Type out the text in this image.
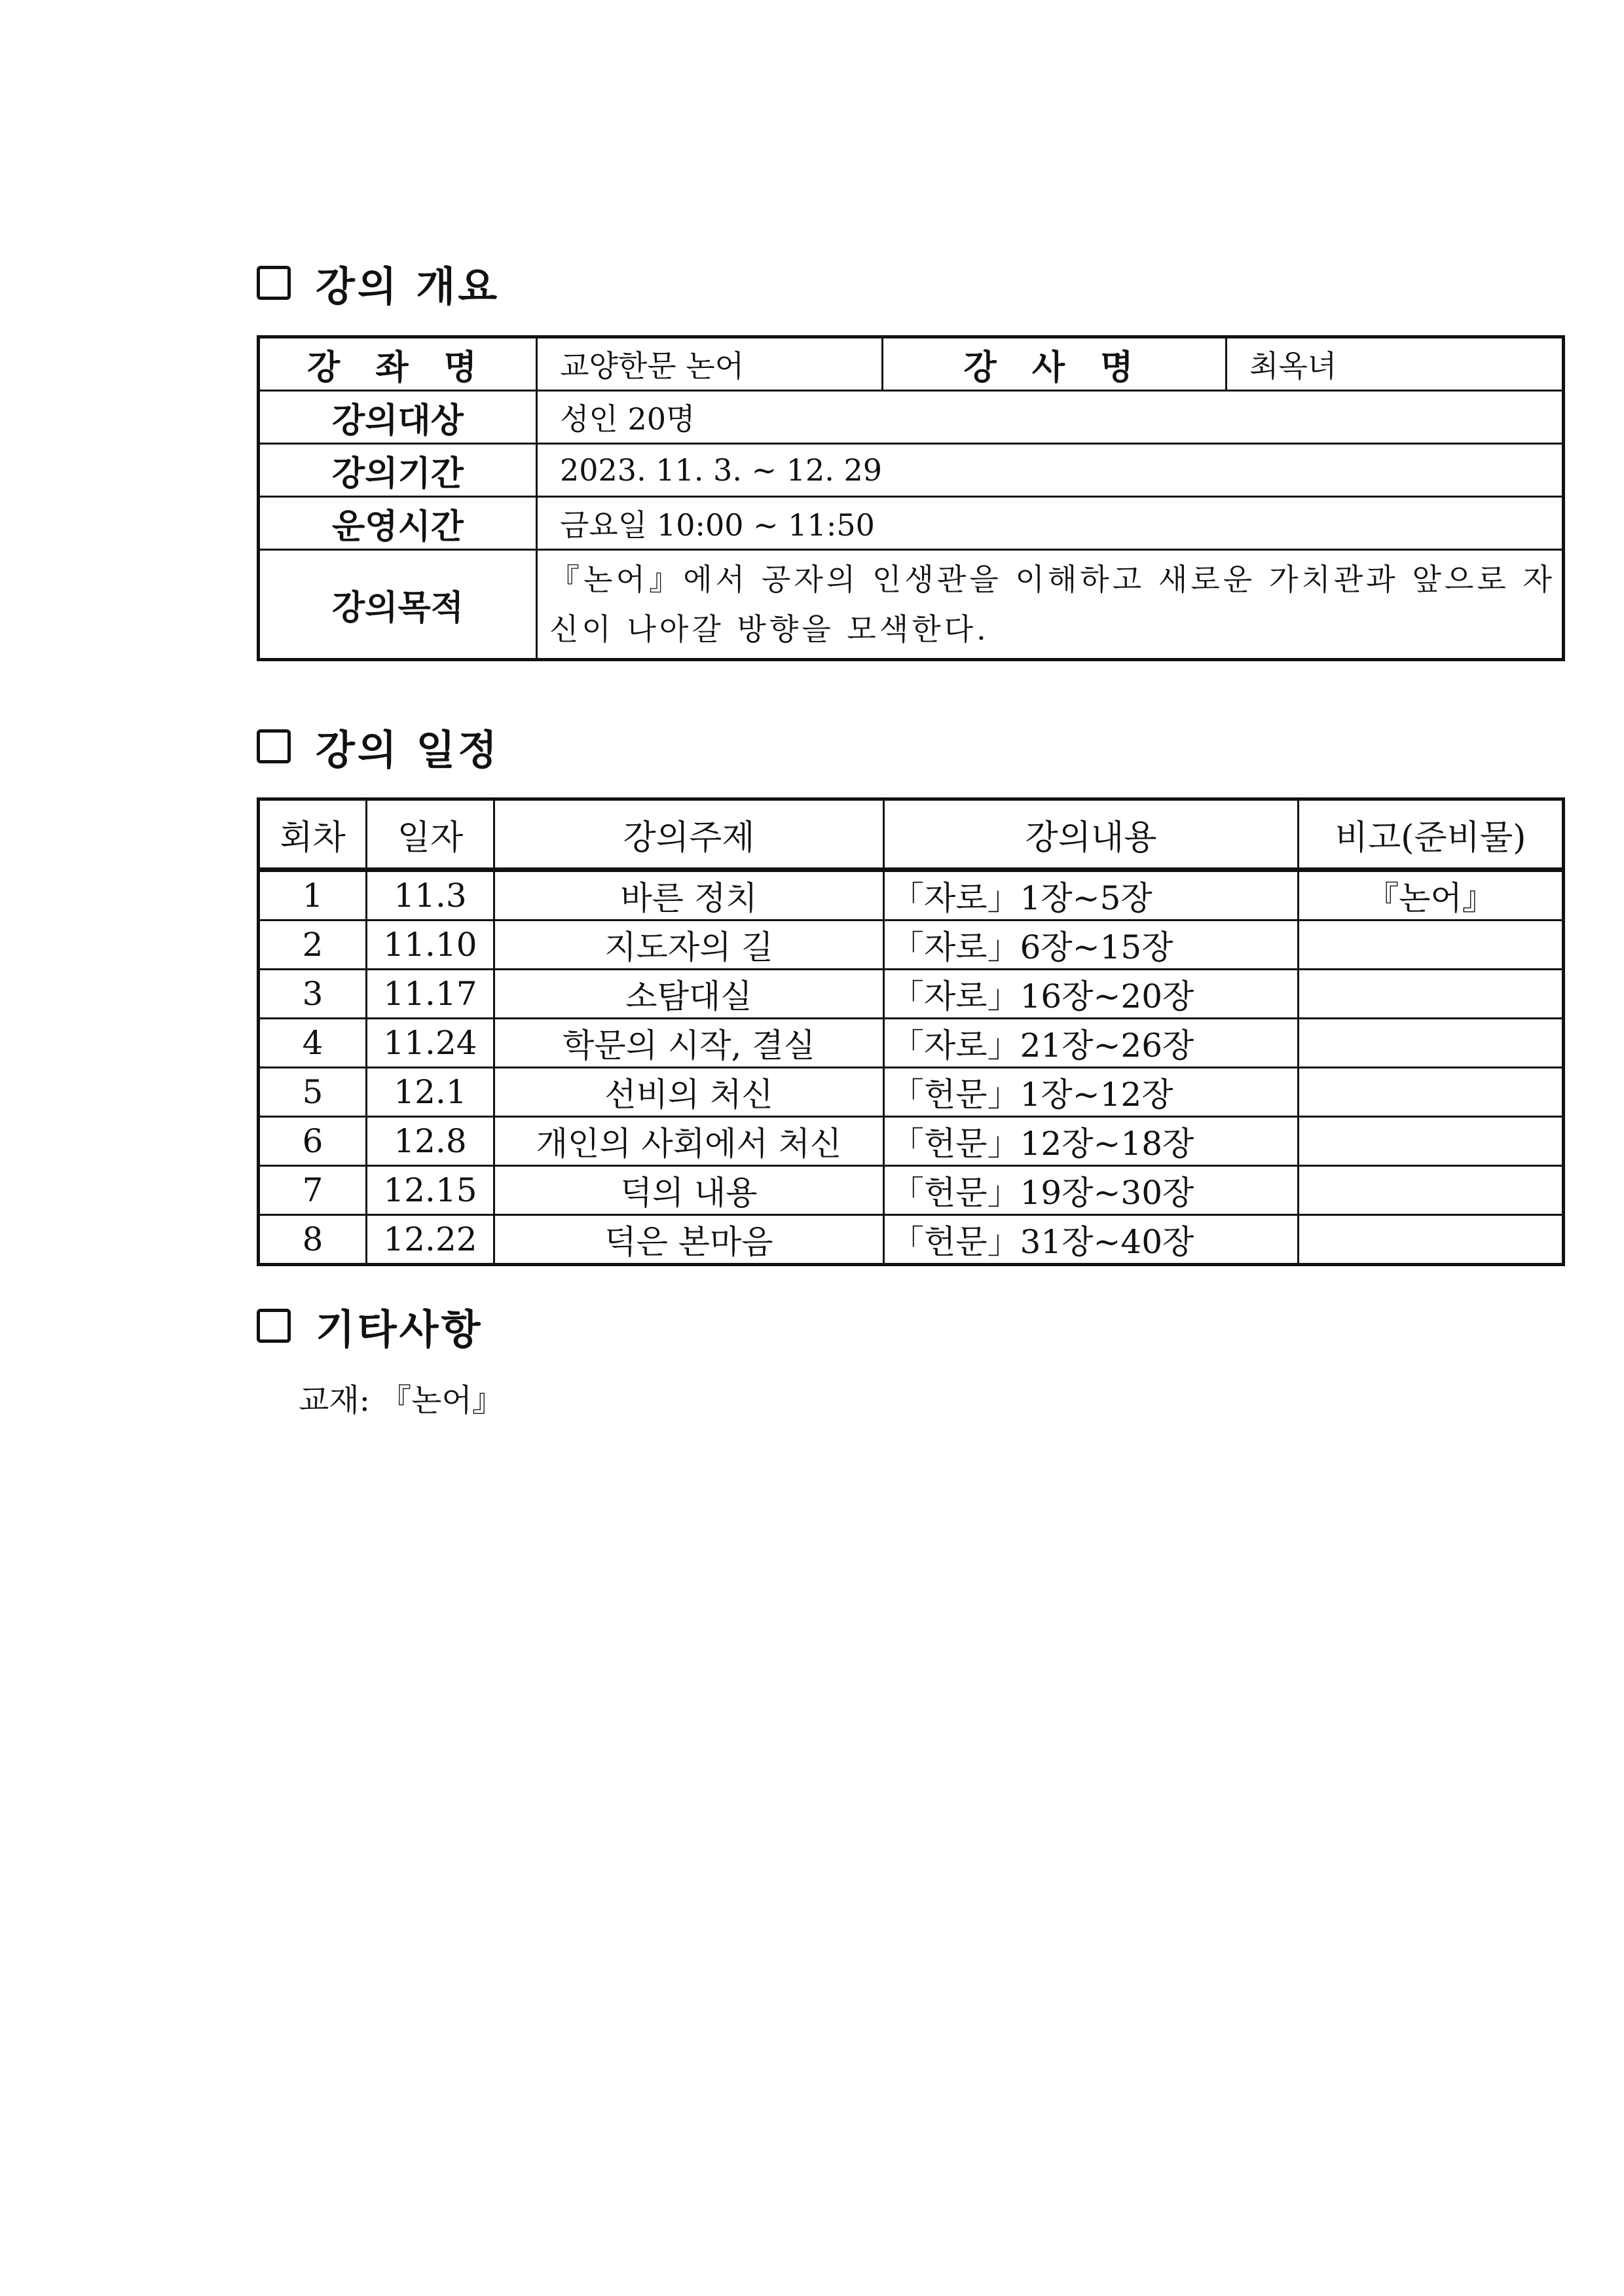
강의 개요
강 좌 명	교양한문 논어	강 사 명	최옥녀
강의대상	성인 20명		
강의기간	2023. 11. 3. ~ 12. 29		
운영시간	금요일 10:00 ~ 11:50		
강의목적	『논어』에서 공자의 인생관을 이해하고 새로운 가치관과 앞으로 자신이 나아갈 방향을 모색한다.		
강의 일정
회차	일자	강의주제	강의내용	비고(준비물)
1	11.3	바른 정치	「자로」1장~5장	『논어』
2	11.10	지도자의 길	「자로」6장~15장	
3	11.17	소탐대실	「자로」16장~20장	
4	11.24	학문의 시작, 결실	「자로」21장~26장	
5	12.1	선비의 처신	「헌문」1장~12장	
6	12.8	개인의 사회에서 처신	「헌문」12장~18장	
7	12.15	덕의 내용	「헌문」19장~30장	
8	12.22	덕은 본마음	「헌문」31장~40장	
기타사항
교재: 『논어』
